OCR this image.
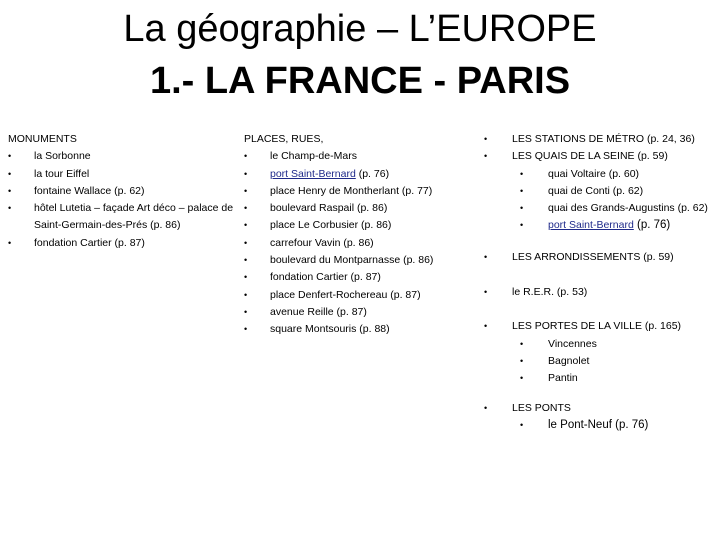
La géographie – L’EUROPE
1.- LA FRANCE - PARIS
MONUMENTS
• la Sorbonne
• la tour Eiffel
• fontaine Wallace (p. 62)
• hôtel Lutetia – façade Art déco – palace de Saint-Germain-des-Prés (p. 86)
• fondation Cartier (p. 87)
PLACES, RUES,
• le Champ-de-Mars
• port Saint-Bernard (p. 76)
• place Henry de Montherlant (p. 77)
• boulevard Raspail (p. 86)
• place Le Corbusier (p. 86)
• carrefour Vavin (p. 86)
• boulevard du Montparnasse (p. 86)
• fondation Cartier (p. 87)
• place Denfert-Rochereau (p. 87)
• avenue Reille (p. 87)
• square Montsouris (p. 88)
• LES STATIONS DE MÉTRO (p. 24, 36)
• LES QUAIS DE LA SEINE (p. 59)
• quai Voltaire (p. 60)
• quai de Conti (p. 62)
• quai des Grands-Augustins (p. 62)
• port Saint-Bernard (p. 76)
• LES ARRONDISSEMENTS (p. 59)
• le R.E.R. (p. 53)
• LES PORTES DE LA VILLE (p. 165)
• Vincennes
• Bagnolet
• Pantin
• LES PONTS
• le Pont-Neuf (p. 76)
